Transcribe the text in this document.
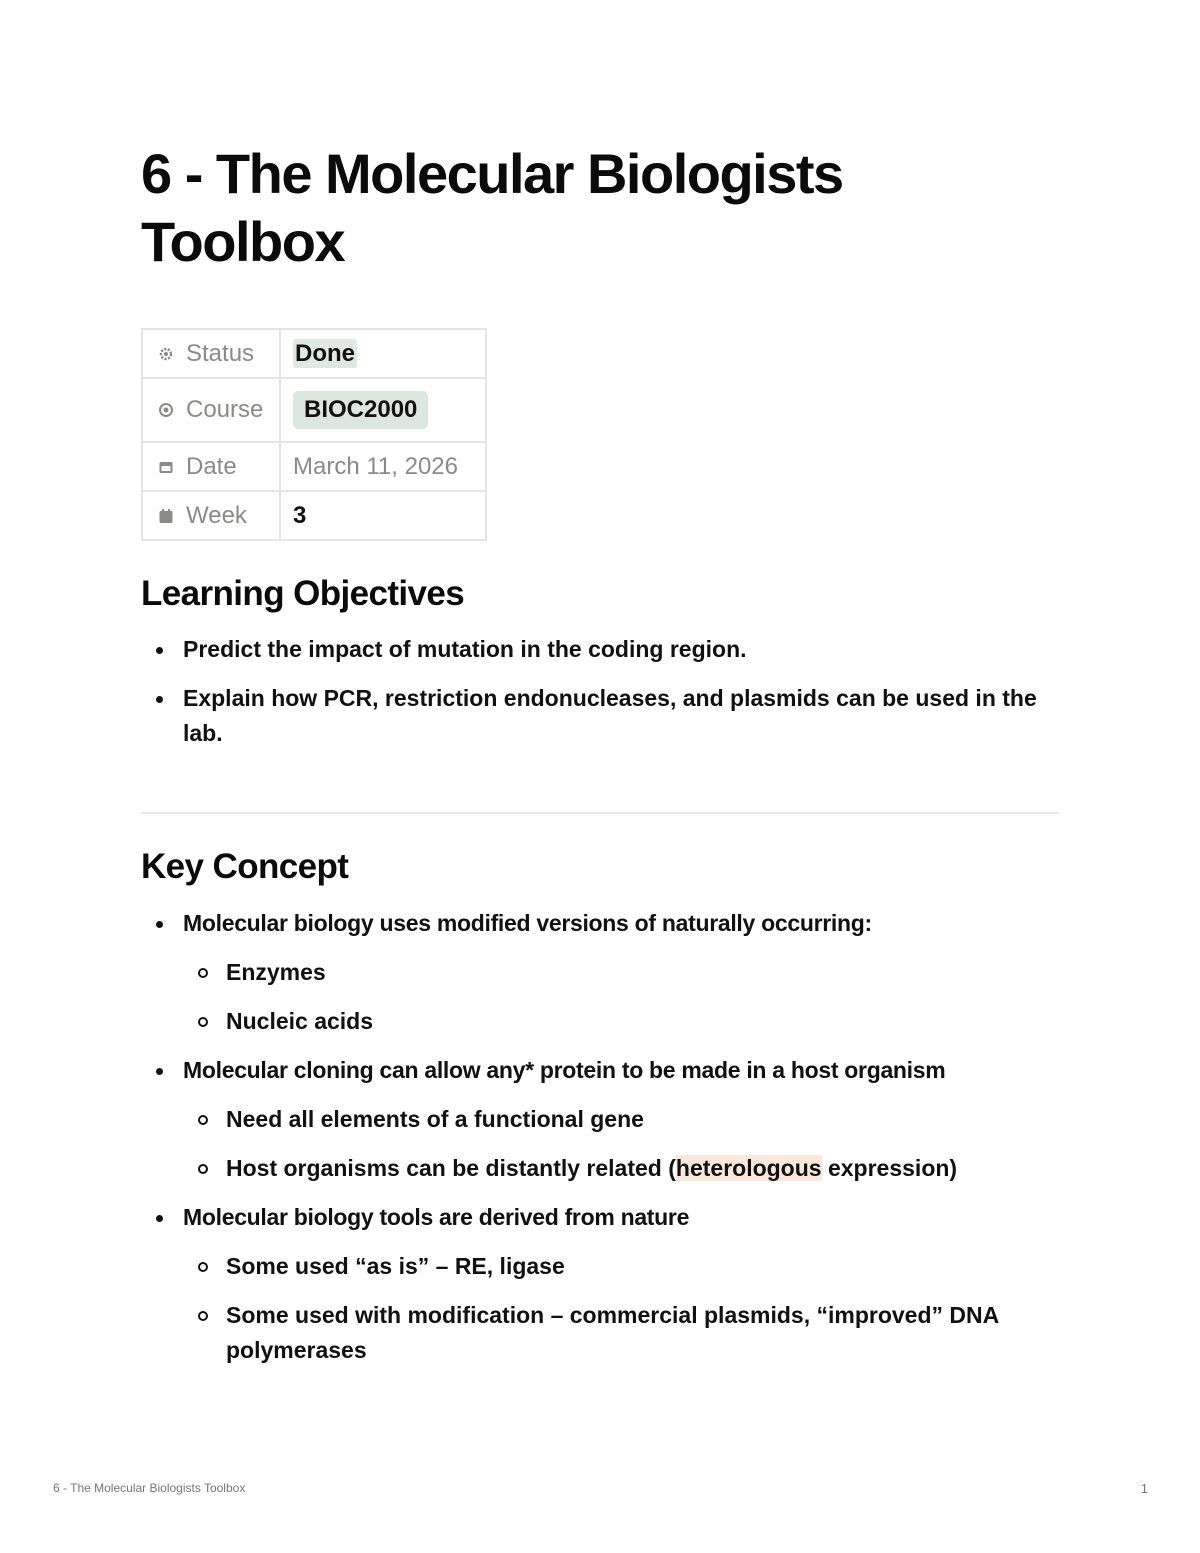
6 - The Molecular Biologists Toolbox
Status	Done

Course	BIOC2000

Date	March 11, 2026

Week	3
Learning Objectives
Predict the impact of mutation in the coding region.
Explain how PCR, restriction endonucleases, and plasmids can be used in the lab.
Key Concept
Molecular biology uses modified versions of naturally occurring:
Enzymes
Nucleic acids
Molecular cloning can allow any* protein to be made in a host organism
Need all elements of a functional gene
Host organisms can be distantly related (heterologous expression)
Molecular biology tools are derived from nature
Some used “as is” – RE, ligase
Some used with modification – commercial plasmids, “improved” DNA polymerases
6 - The Molecular Biologists Toolbox	1
